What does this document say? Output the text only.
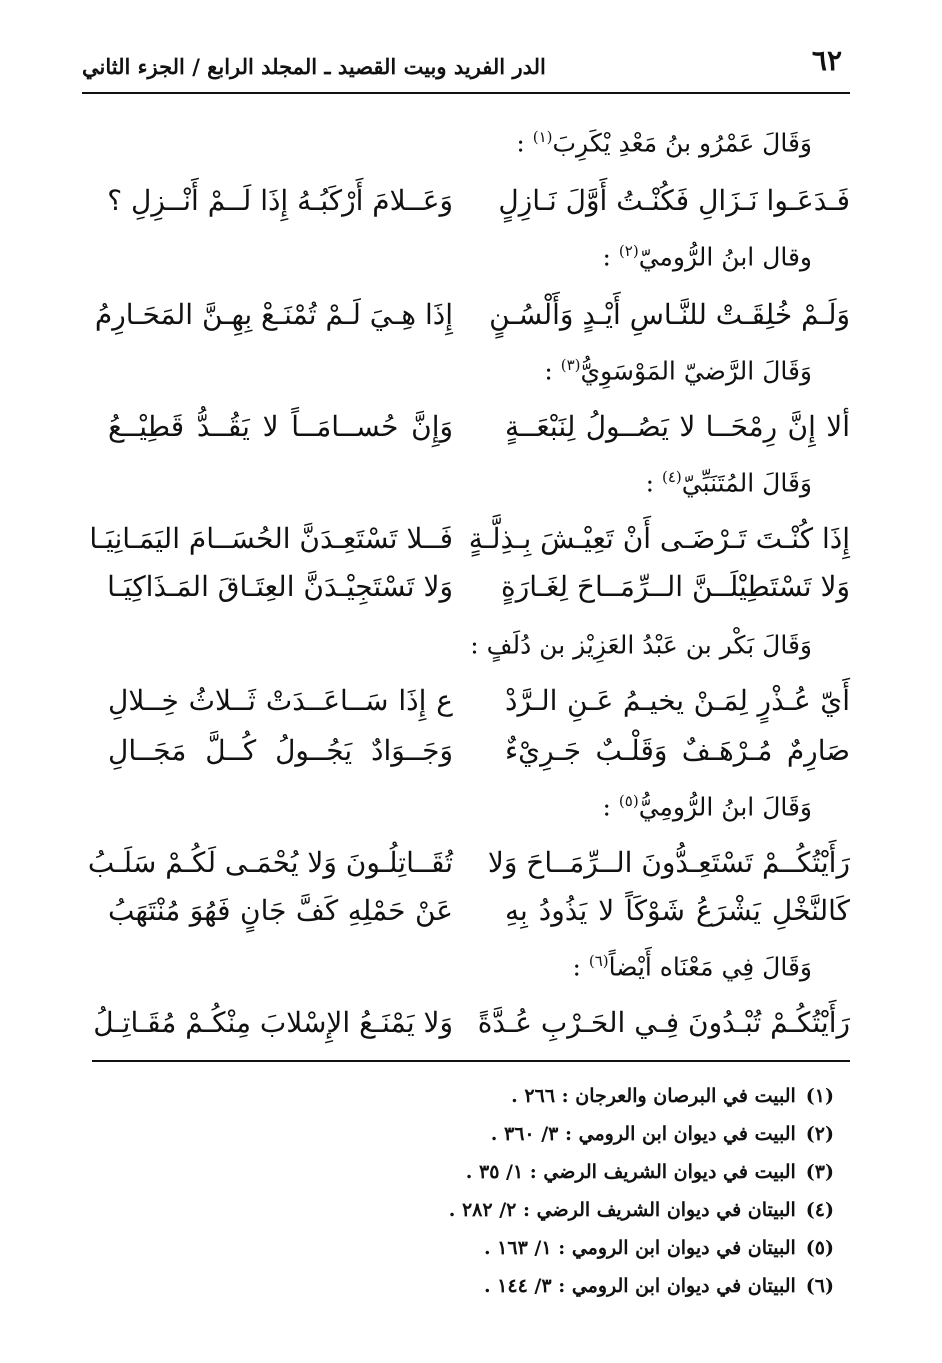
٦٢
الدر الفريد وبيت القصيد ـ المجلد الرابع / الجزء الثاني
وَقَالَ عَمْرُو بنُ مَعْدِ يْكَرِبَ$^{(١)}$ :
فَـدَعَـوا نَـزَالِ فَكُنْـتُ أَوَّلَ نَـازِلٍ
وَعَــلامَ أَرْكَبُـهُ إِذَا لَــمْ أَنْــزِلِ ؟
وقال ابنُ الرُّوميّ$^{(٢)}$ :
وَلَـمْ خُلِقَـتْ للنَّـاسِ أَيْـدٍ وَأَلْسُـنٍ
إِذَا هِـيَ لَـمْ تُمْنَـعْ بِهِـنَّ المَحَـارِمُ
وَقَالَ الرَّضيّ المَوْسَوِيُّ$^{(٣)}$ :
ألا إِنَّ رِمْحَــا لا يَصُــولُ لِنَبْعَــةٍ
وَإِنَّ حُســامَــاً لا يَقُــدُّ قَطِيْــعُ
وَقَالَ المُتَنَبِّيّ$^{(٤)}$ :
إِذَا كُنْـتَ تَـرْضَـى أَنْ تَعِيْـشَ بِـذِلَّـةٍ
فَــلا تَسْتَعِـدَنَّ الحُسَــامَ اليَمَـانِيَـا
وَلا تَسْتَطِيْلَــنَّ الــرِّمَــاحَ لِغَـارَةٍ
وَلا تَسْتَجِيْـدَنَّ العِتَـاقَ المَـذَاكِيَـا
وَقَالَ بَكْر بن عَبْدُ العَزِيْز بن دُلَفٍ :
أَيّ عُـذْرٍ لِمَـنْ يخيـمُ عَـنِ الـرَّدْ
ع إِذَا سَــاعَــدَتْ ثَــلاثُ خِــلالِ
صَارِمٌ مُـرْهَـفٌ وَقَلْـبٌ جَـرِيْءٌ
وَجَــوَادٌ يَجُــولُ كُــلَّ مَجَــالِ
وَقَالَ ابنُ الرُّومِيُّ$^{(٥)}$ :
رَأَيْتُكُــمْ تَسْتَعِـدُّونَ الــرِّمَــاحَ وَلا
تُقَــاتِلُـونَ وَلا يُحْمَـى لَكُـمْ سَلَـبُ
كَالنَّخْلِ يَشْرَعُ شَوْكَاً لا يَذُودُ بِهِ
عَنْ حَمْلِهِ كَفَّ جَانٍ فَهُوَ مُنْتَهَبُ
وَقَالَ فِي مَعْنَاه أَيْضاً$^{(٦)}$ :
رَأَيْتُكُـمْ تُبْـدُونَ فِـي الحَـرْبِ عُـدَّةً
وَلا يَمْنَـعُ الإِسْلابَ مِنْكُـمْ مُقَـاتِـلُ
(١)البيت في البرصان والعرجان : ٢٦٦ .
(٢)البيت في ديوان ابن الرومي : ٣/ ٣٦٠ .
(٣)البيت في ديوان الشريف الرضي : ١/ ٣٥ .
(٤)البيتان في ديوان الشريف الرضي : ٢/ ٢٨٢ .
(٥)البيتان في ديوان ابن الرومي : ١/ ١٦٣ .
(٦)البيتان في ديوان ابن الرومي : ٣/ ١٤٤ .
